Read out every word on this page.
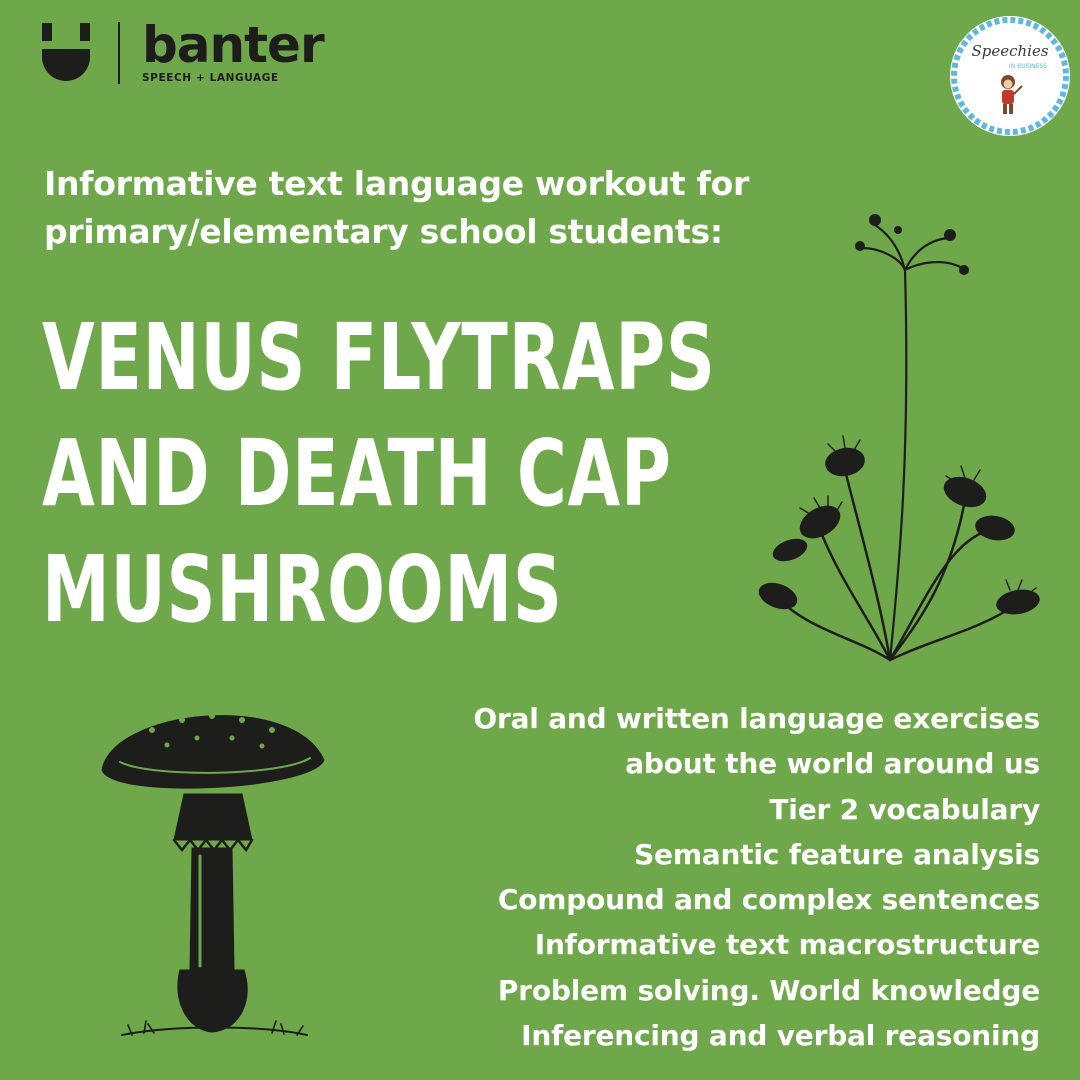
banter
SPEECH + LANGUAGE
Speechies
IN BUSINESS
Informative text language workout for
primary/elementary school students:
VENUS FLYTRAPS
AND DEATH CAP
MUSHROOMS
Oral and written language exercises
about the world around us
Tier 2 vocabulary
Semantic feature analysis
Compound and complex sentences
Informative text macrostructure
Problem solving. World knowledge
Inferencing and verbal reasoning
